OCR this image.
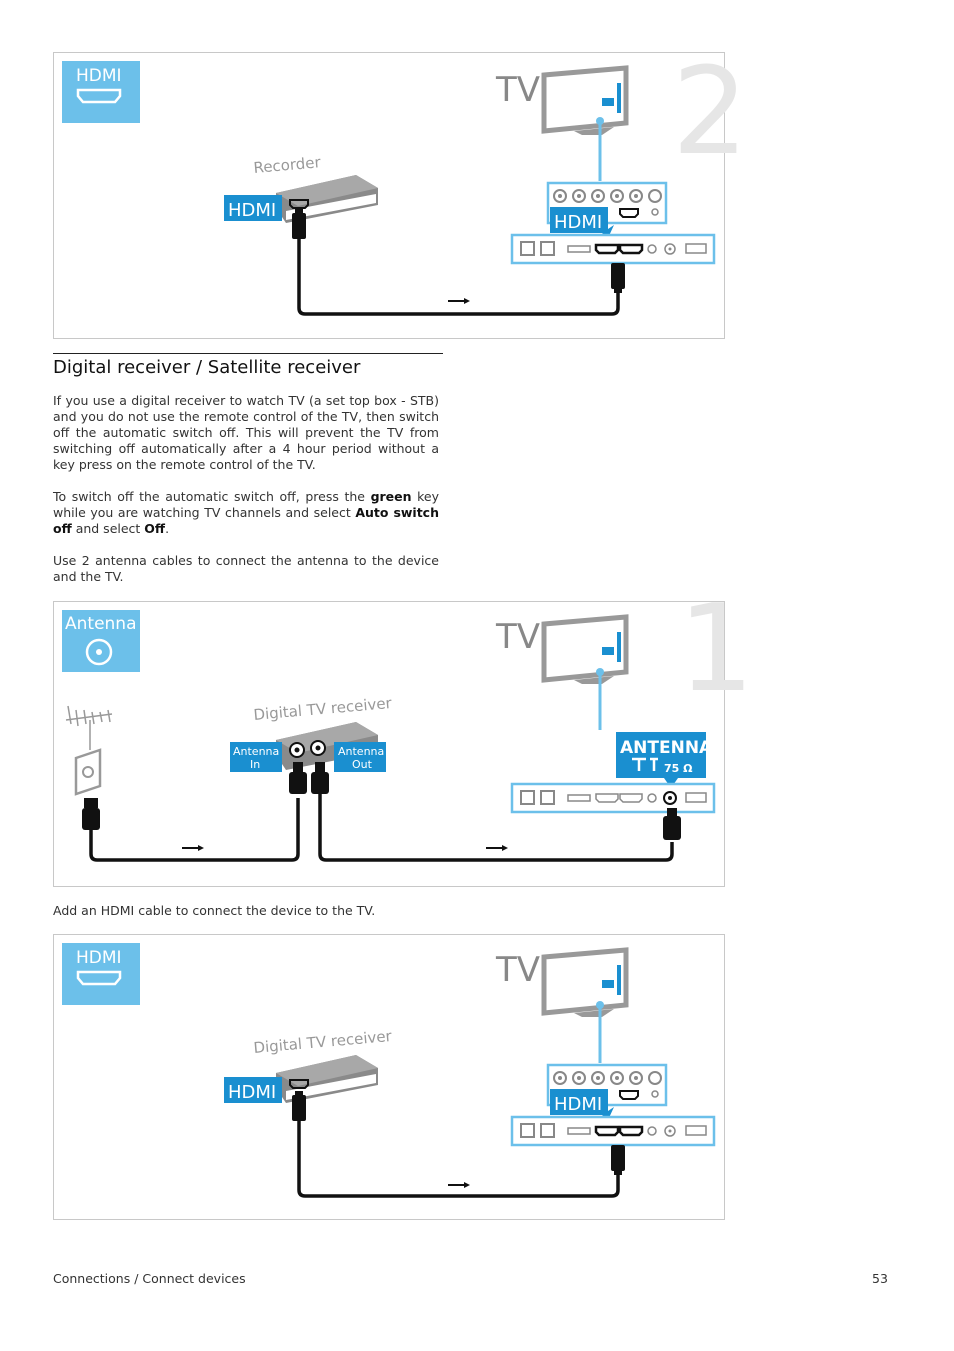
2
HDMI	TV
HDMI
Recorder
HDMI
Digital receiver / Satellite receiver

If you use a digital receiver to watch TV (a set top box - STB) and you do not use the remote control of the TV, then switch off the automatic switch off. This will prevent the TV from switching off automatically after a 4 hour period without a key press on the remote control of the TV.

To switch off the automatic switch off, press the green key while you are watching TV channels and select Auto switch off and select Off.

Use 2 antenna cables to connect the antenna to the device and the TV.

1
Antenna	TV
ANTENNA
75 Ω
Digital TV receiver
Antenna
In
Antenna
Out

Add an HDMI cable to connect the device to the TV.

HDMI	TV
HDMI
Digital TV receiver
HDMI
Connections / Connect devices	53
